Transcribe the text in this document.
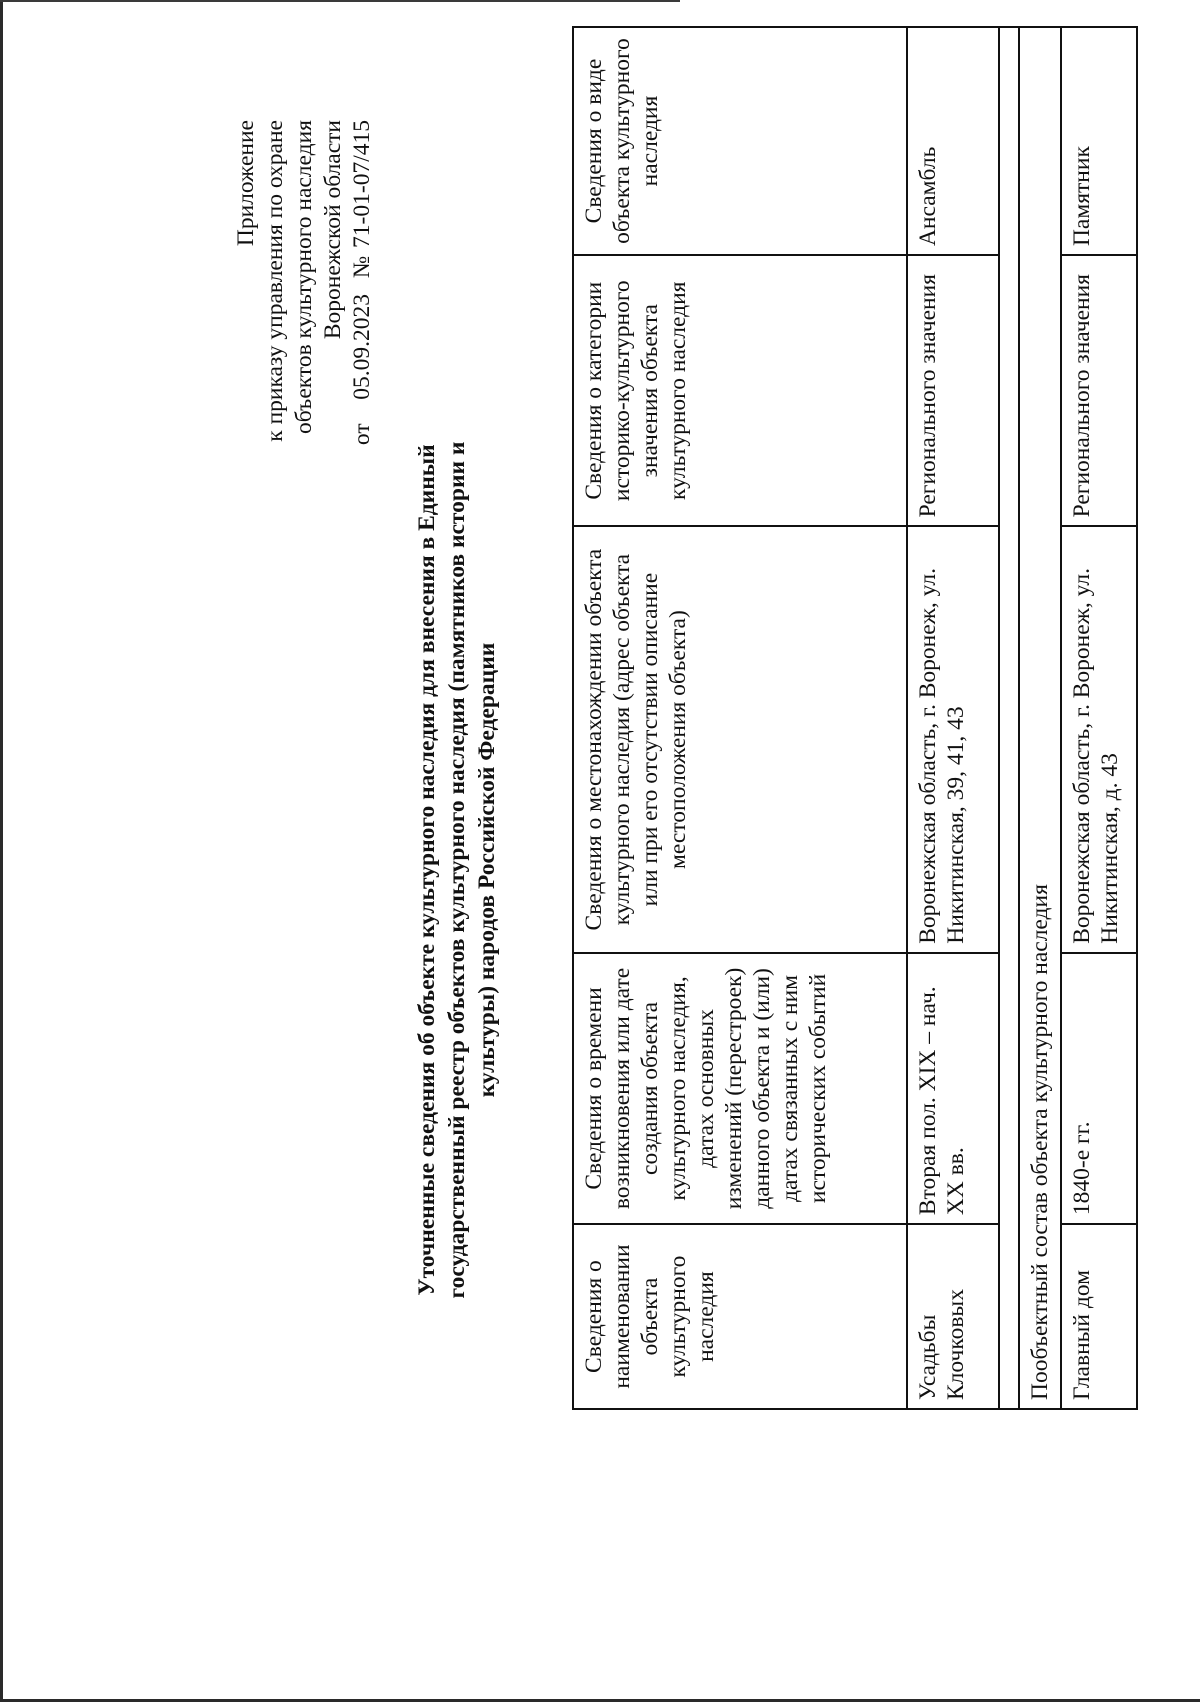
Приложение к приказу управления по охране объектов культурного наследия Воронежской области
от   05.09.2023  № 71-01-07/415
Уточненные сведения об объекте культурного наследия для внесения в Единый государственный реестр объектов культурного наследия (памятников истории и культуры) народов Российской Федерации
Сведения о наименовании объекта культурного наследия	Сведения о времени возникновения или дате создания объекта культурного наследия, датах основных изменений (перестроек) данного объекта и (или) датах связанных с ним исторических событий	Сведения о местонахождении объекта культурного наследия (адрес объекта или при его отсутствии описание местоположения объекта)	Сведения о категории историко-культурного значения объекта культурного наследия	Сведения о виде объекта культурного наследия
Усадьбы Клочковых	Вторая пол. XIX – нач. XX вв.	Воронежская область, г. Воронеж, ул. Никитинская, 39, 41, 43	Регионального значения	Ансамбль

Пообъектный состав объекта культурного наследия				
Главный дом	1840-е гг.	Воронежская область, г. Воронеж, ул. Никитинская, д. 43	Регионального значения	Памятник
